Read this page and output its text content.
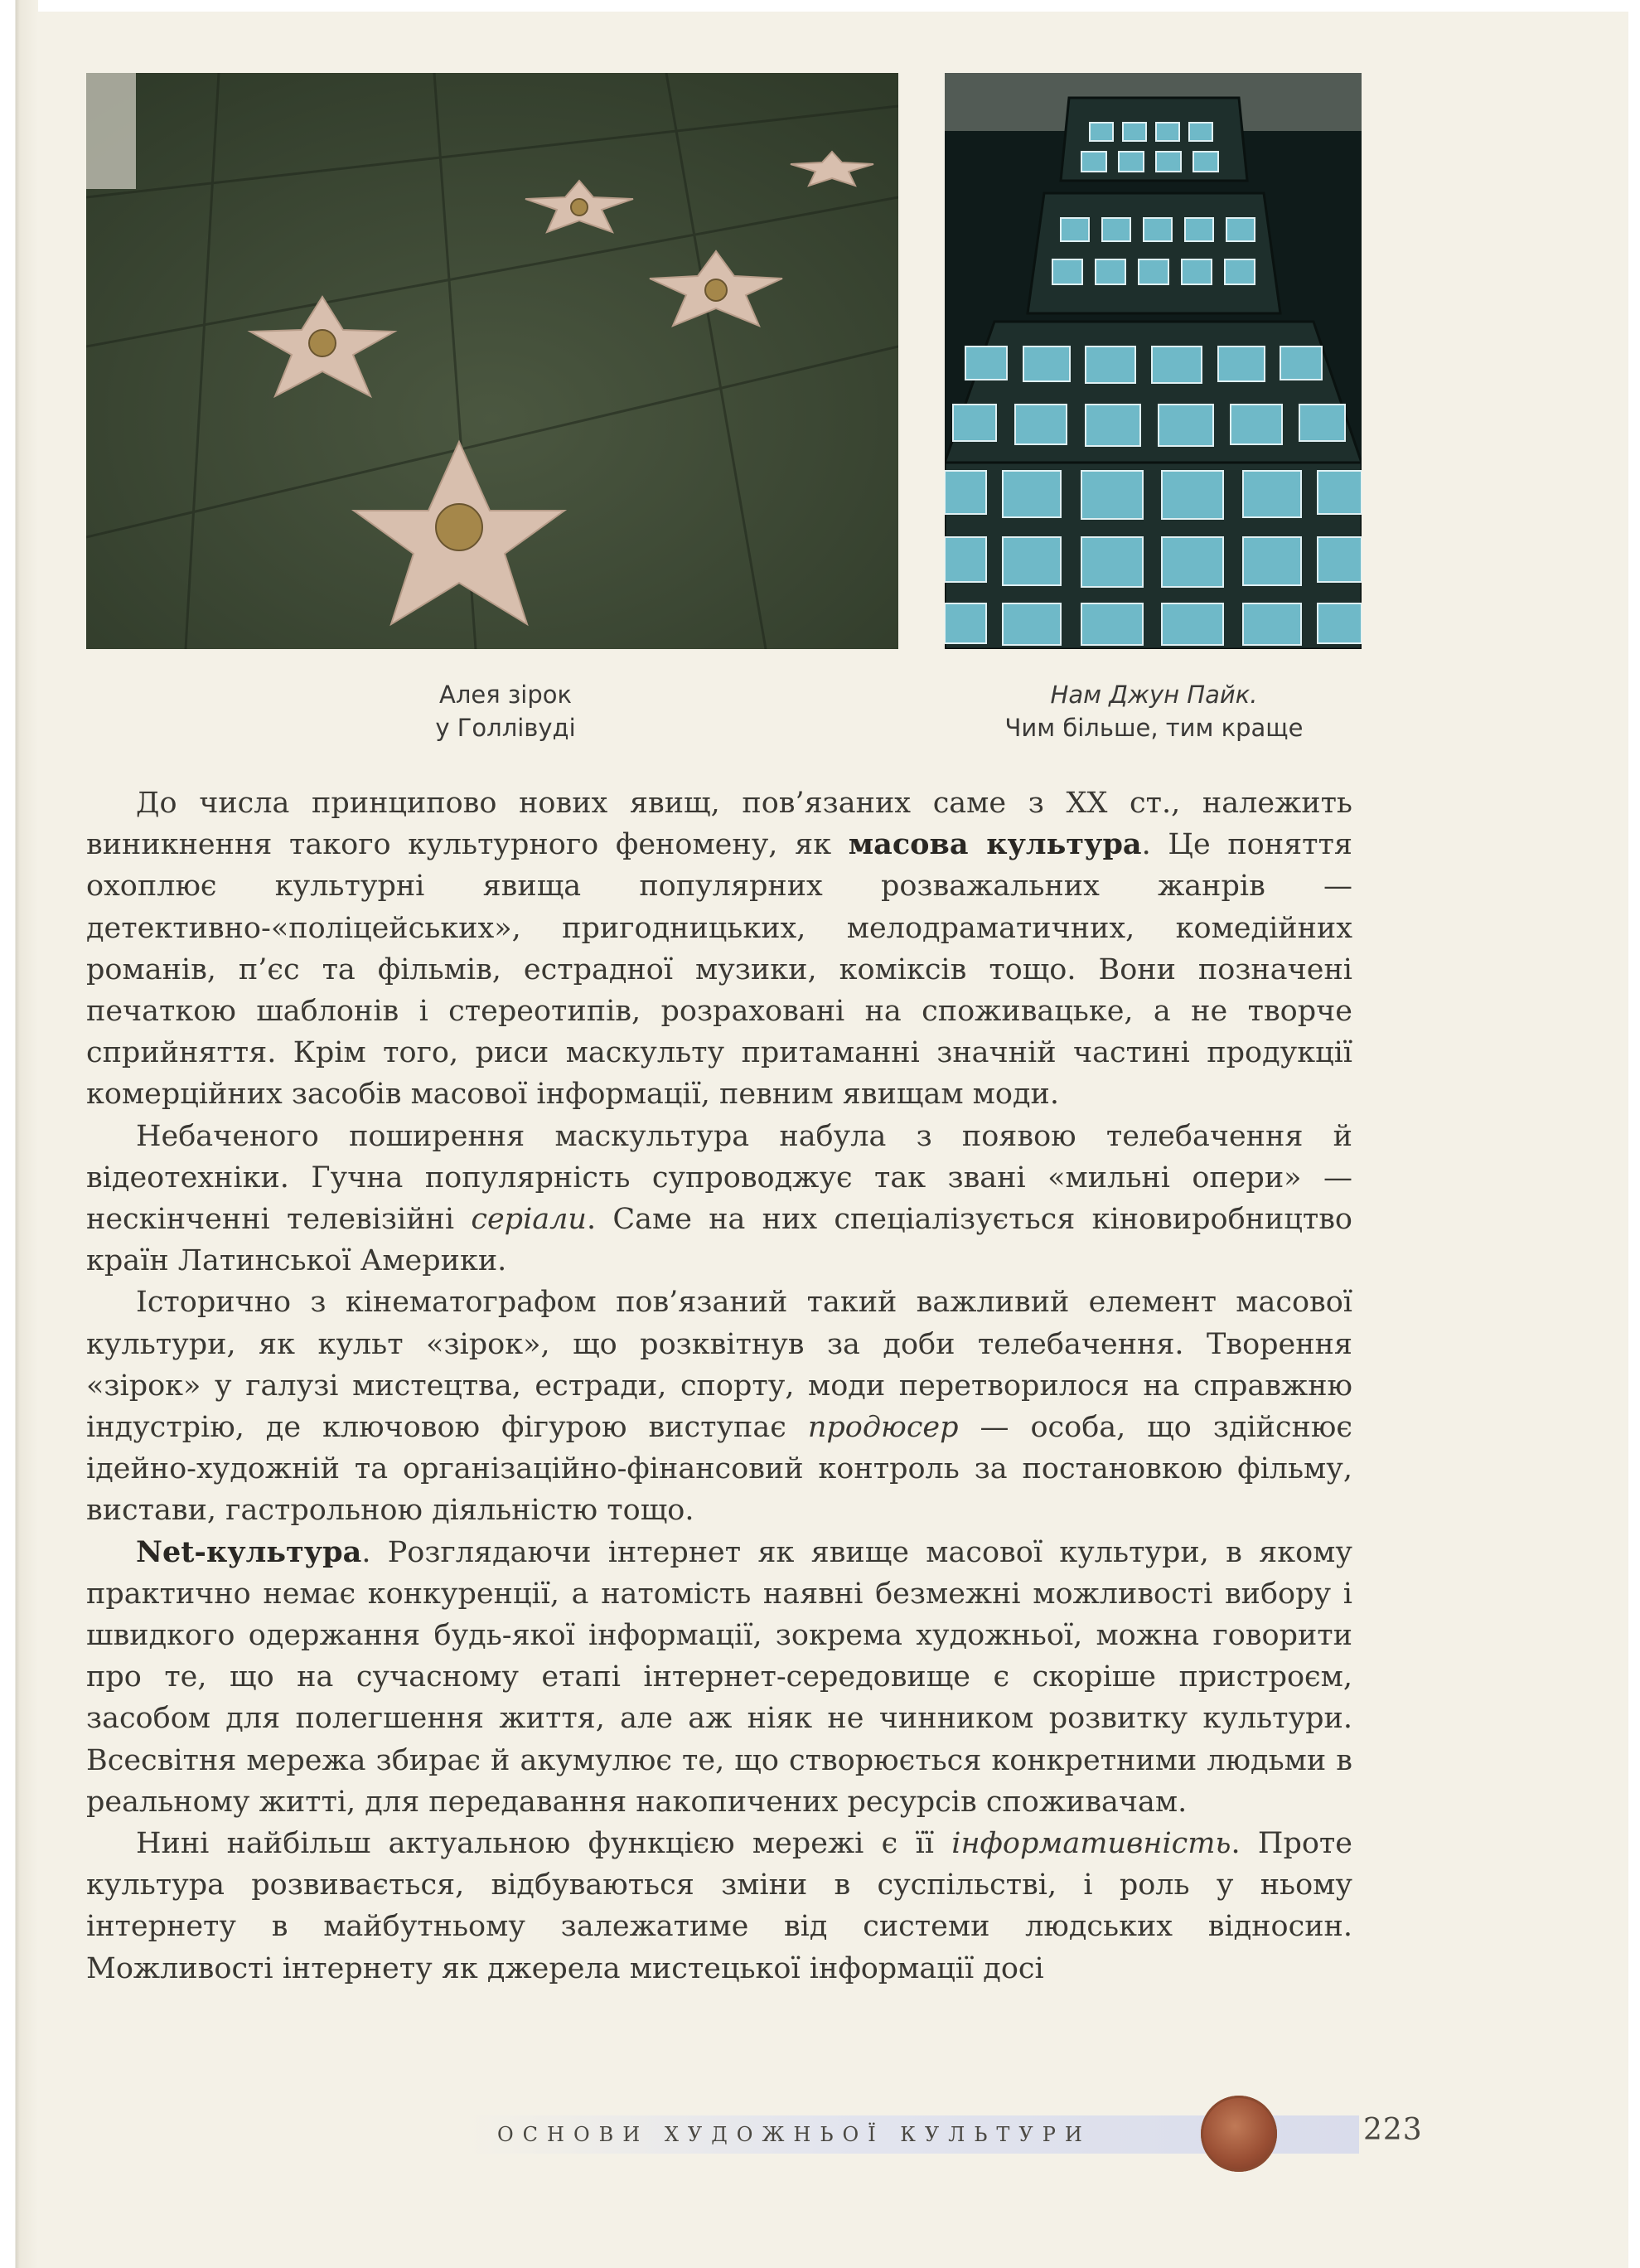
Алея зірок
у Голлівуді
Нам Джун Пайк.
Чим більше, тим краще

До числа принципово нових явищ, пов’язаних саме з XX ст., належить виникнення такого культурного феномену, як масова культура. Це поняття охоплює культурні явища популярних розважальних жанрів — детективно-«поліцейських», пригодницьких, мелодраматичних, комедійних романів, п’єс та фільмів, естрадної музики, коміксів тощо. Вони позначені печаткою шаблонів і стереотипів, розраховані на споживацьке, а не творче сприйняття. Крім того, риси маскульту притаманні значній частині продукції комерційних засобів масової інформації, певним явищам моди.

Небаченого поширення маскультура набула з появою телебачення й відеотехніки. Гучна популярність супроводжує так звані «мильні опери» — нескінченні телевізійні серіали. Саме на них спеціалізується кіновиробництво країн Латинської Америки.

Історично з кінематографом пов’язаний такий важливий елемент масової культури, як культ «зірок», що розквітнув за доби телебачення. Творення «зірок» у галузі мистецтва, естради, спорту, моди перетворилося на справжню індустрію, де ключовою фігурою виступає продюсер — особа, що здійснює ідейно-художній та організаційно-фінансовий контроль за постановкою фільму, вистави, гастрольною діяльністю тощо.

Net-культура. Розглядаючи інтернет як явище масової культури, в якому практично немає конкуренції, а натомість наявні безмежні можливості вибору і швидкого одержання будь-якої інформації, зокрема художньої, можна говорити про те, що на сучасному етапі інтернет-середовище є скоріше пристроєм, засобом для полегшення життя, але аж ніяк не чинником розвитку культури. Всесвітня мережа збирає й акумулює те, що створюється конкретними людьми в реальному житті, для передавання накопичених ресурсів споживачам.

Нині найбільш актуальною функцією мережі є її інформативність. Проте культура розвивається, відбуваються зміни в суспільстві, і роль у ньому інтернету в майбутньому залежатиме від системи людських відносин. Можливості інтернету як джерела мистецької інформації досі

ОСНОВИ ХУДОЖНЬОЇ КУЛЬТУРИ	223
